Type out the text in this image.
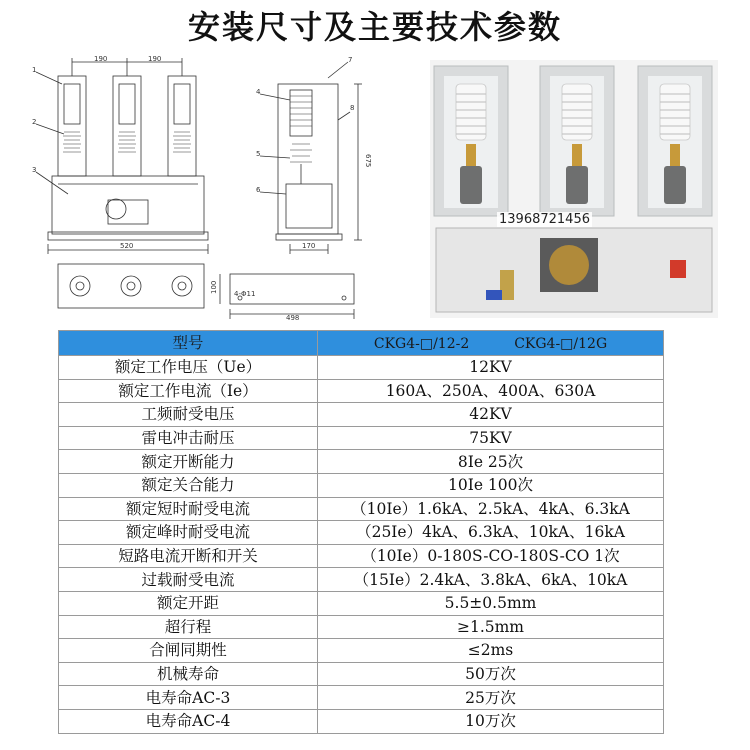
安装尺寸及主要技术参数
190	190
520
675
170
100
498
4-Φ11
1
2
3
4
5
6
7
8
13968721456
型号	CKG4-□/12-2 CKG4-□/12G
额定工作电压（Ue）	12KV
额定工作电流（Ie）	160A、250A、400A、630A
工频耐受电压	42KV
雷电冲击耐压	75KV
额定开断能力	8Ie 25次
额定关合能力	10Ie 100次
额定短时耐受电流	（10Ie）1.6kA、2.5kA、4kA、6.3kA
额定峰时耐受电流	（25Ie）4kA、6.3kA、10kA、16kA
短路电流开断和开关	（10Ie）0-180S-CO-180S-CO 1次
过载耐受电流	（15Ie）2.4kA、3.8kA、6kA、10kA
额定开距	5.5±0.5mm
超行程	≥1.5mm
合闸同期性	≤2ms
机械寿命	50万次
电寿命AC-3	25万次
电寿命AC-4	10万次
